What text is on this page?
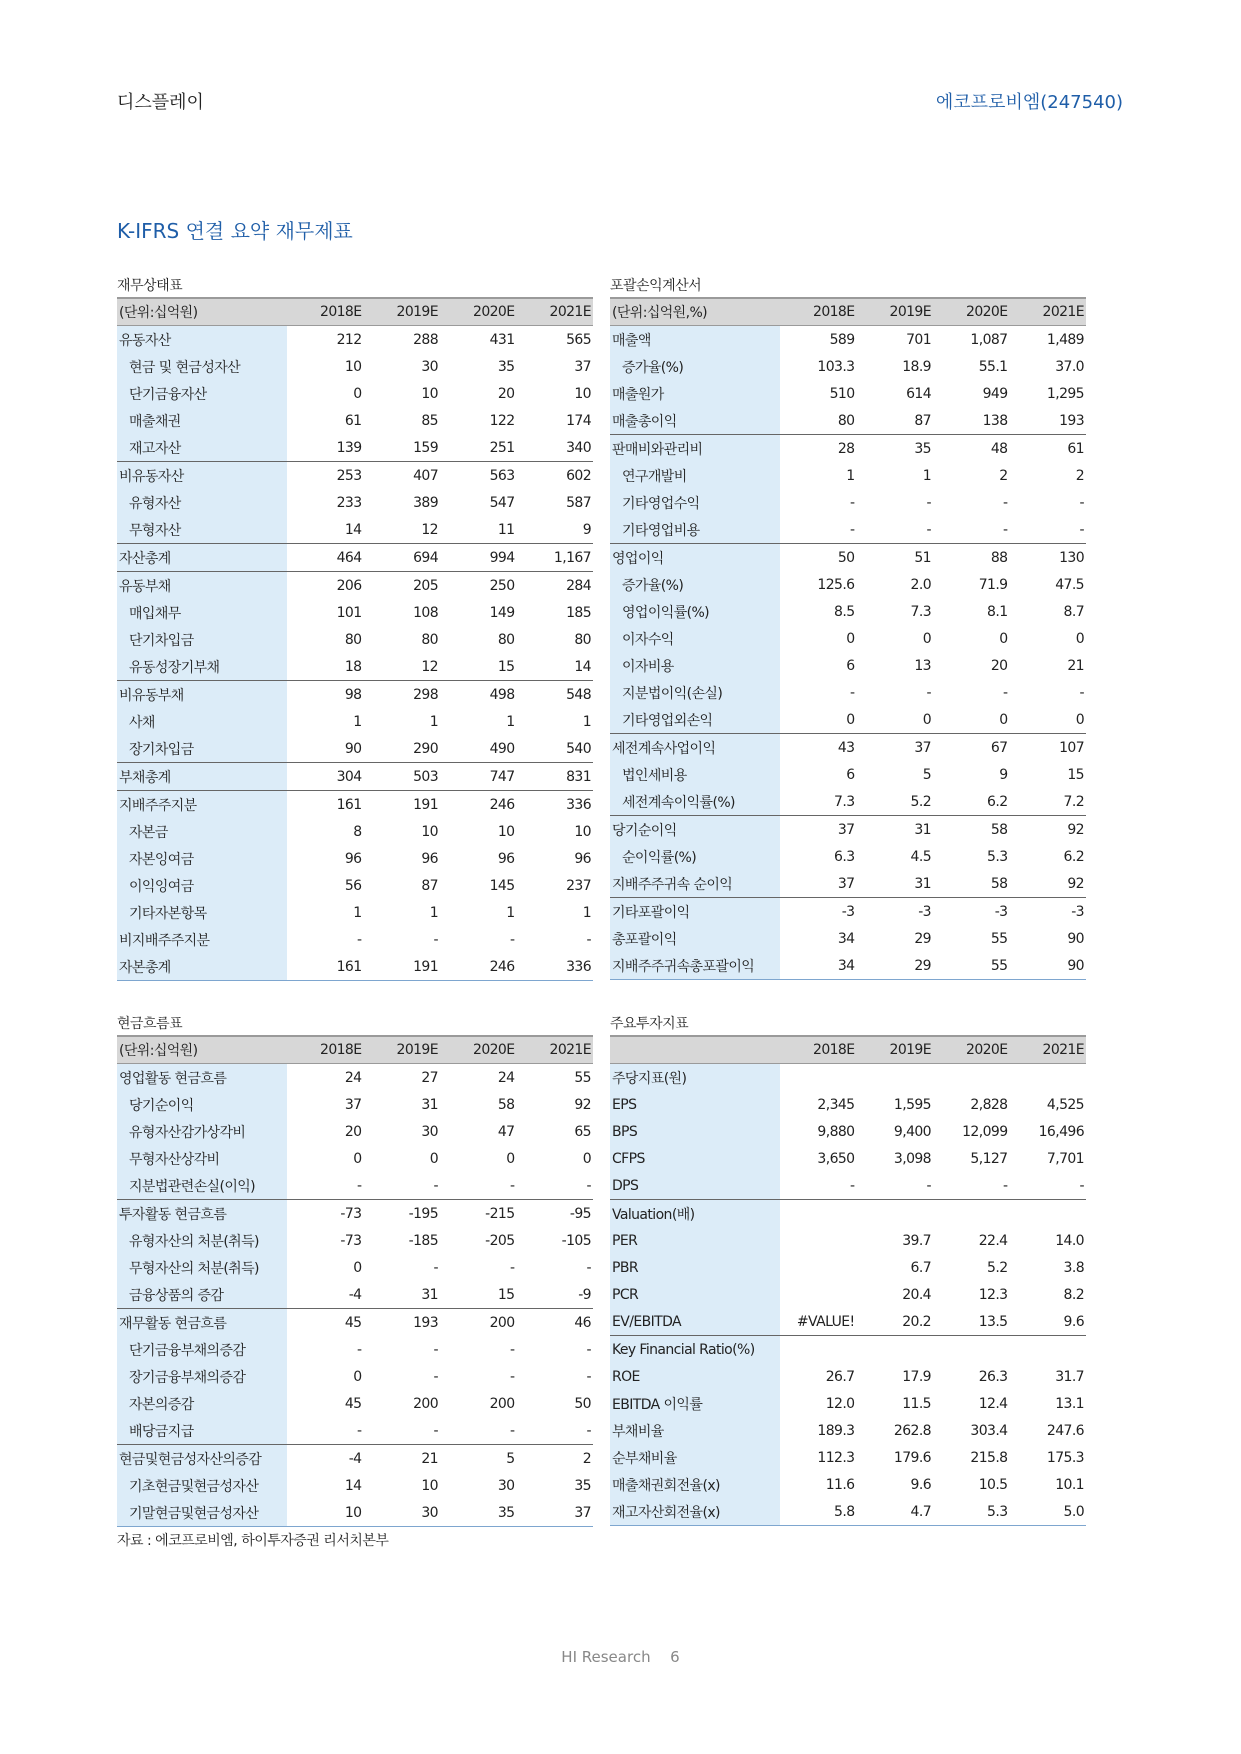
디스플레이	에코프로비엠(247540)
K-IFRS 연결 요약 재무제표
재무상태표
(단위:십억원)	2018E	2019E	2020E	2021E
유동자산	212	288	431	565
현금 및 현금성자산	10	30	35	37
단기금융자산	0	10	20	10
매출채권	61	85	122	174
재고자산	139	159	251	340
비유동자산	253	407	563	602
유형자산	233	389	547	587
무형자산	14	12	11	9
자산총계	464	694	994	1,167
유동부채	206	205	250	284
매입채무	101	108	149	185
단기차입금	80	80	80	80
유동성장기부채	18	12	15	14
비유동부채	98	298	498	548
사채	1	1	1	1
장기차입금	90	290	490	540
부채총계	304	503	747	831
지배주주지분	161	191	246	336
자본금	8	10	10	10
자본잉여금	96	96	96	96
이익잉여금	56	87	145	237
기타자본항목	1	1	1	1
비지배주주지분	-	-	-	-
자본총계	161	191	246	336
포괄손익계산서
(단위:십억원,%)	2018E	2019E	2020E	2021E
매출액	589	701	1,087	1,489
증가율(%)	103.3	18.9	55.1	37.0
매출원가	510	614	949	1,295
매출총이익	80	87	138	193
판매비와관리비	28	35	48	61
연구개발비	1	1	2	2
기타영업수익	-	-	-	-
기타영업비용	-	-	-	-
영업이익	50	51	88	130
증가율(%)	125.6	2.0	71.9	47.5
영업이익률(%)	8.5	7.3	8.1	8.7
이자수익	0	0	0	0
이자비용	6	13	20	21
지분법이익(손실)	-	-	-	-
기타영업외손익	0	0	0	0
세전계속사업이익	43	37	67	107
법인세비용	6	5	9	15
세전계속이익률(%)	7.3	5.2	6.2	7.2
당기순이익	37	31	58	92
순이익률(%)	6.3	4.5	5.3	6.2
지배주주귀속 순이익	37	31	58	92
기타포괄이익	-3	-3	-3	-3
총포괄이익	34	29	55	90
지배주주귀속총포괄이익	34	29	55	90
현금흐름표
(단위:십억원)	2018E	2019E	2020E	2021E
영업활동 현금흐름	24	27	24	55
당기순이익	37	31	58	92
유형자산감가상각비	20	30	47	65
무형자산상각비	0	0	0	0
지분법관련손실(이익)	-	-	-	-
투자활동 현금흐름	-73	-195	-215	-95
유형자산의 처분(취득)	-73	-185	-205	-105
무형자산의 처분(취득)	0	-	-	-
금융상품의 증감	-4	31	15	-9
재무활동 현금흐름	45	193	200	46
단기금융부채의증감	-	-	-	-
장기금융부채의증감	0	-	-	-
자본의증감	45	200	200	50
배당금지급	-	-	-	-
현금및현금성자산의증감	-4	21	5	2
기초현금및현금성자산	14	10	30	35
기말현금및현금성자산	10	30	35	37
주요투자지표
	2018E	2019E	2020E	2021E
주당지표(원)				
EPS	2,345	1,595	2,828	4,525
BPS	9,880	9,400	12,099	16,496
CFPS	3,650	3,098	5,127	7,701
DPS	-	-	-	-
Valuation(배)				
PER		39.7	22.4	14.0
PBR		6.7	5.2	3.8
PCR		20.4	12.3	8.2
EV/EBITDA	#VALUE!	20.2	13.5	9.6
Key Financial Ratio(%)				
ROE	26.7	17.9	26.3	31.7
EBITDA 이익률	12.0	11.5	12.4	13.1
부채비율	189.3	262.8	303.4	247.6
순부채비율	112.3	179.6	215.8	175.3
매출채권회전율(x)	11.6	9.6	10.5	10.1
재고자산회전율(x)	5.8	4.7	5.3	5.0
자료 : 에코프로비엠, 하이투자증권 리서치본부
HI Research 6
